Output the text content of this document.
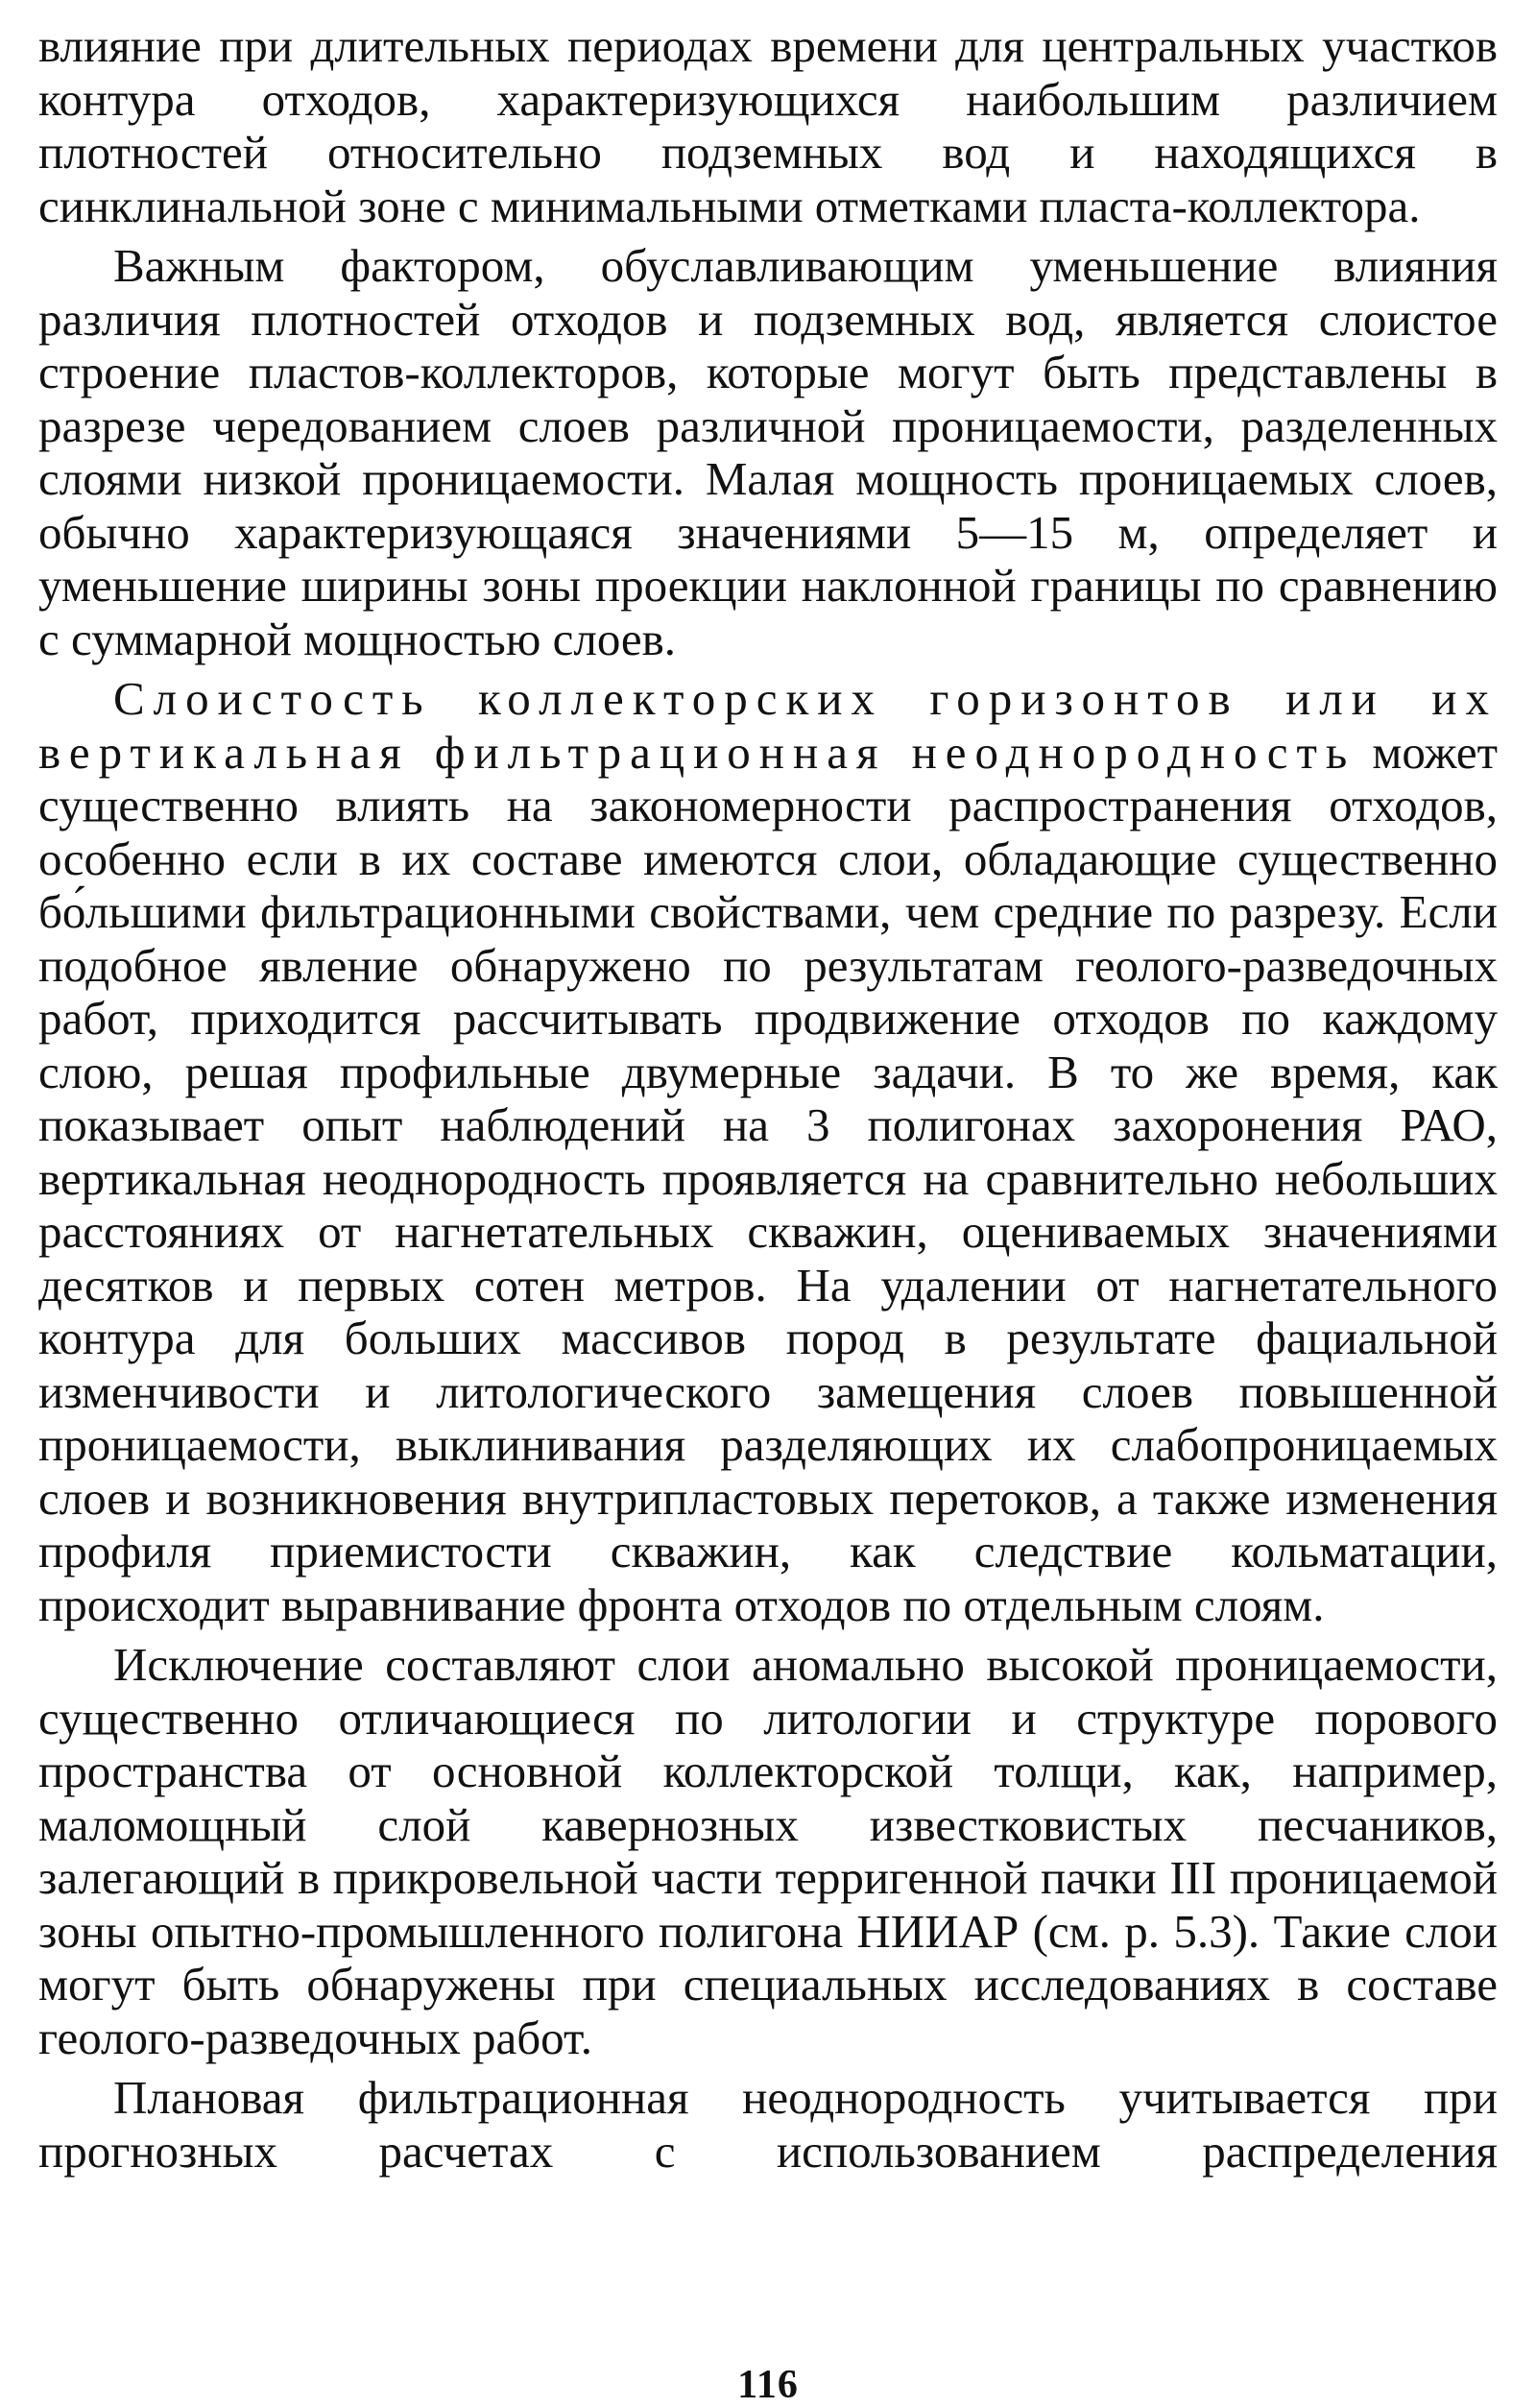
влияние при длительных периодах времени для центральных участков контура отходов, характеризующихся наибольшим различием плотностей относительно подземных вод и находящихся в синклинальной зоне с минимальными отметками пласта-коллектора.

Важным фактором, обуславливающим уменьшение влияния различия плотностей отходов и подземных вод, является слоистое строение пластов-коллекторов, которые могут быть представлены в разрезе чередованием слоев различной проницаемости, разделенных слоями низкой проницаемости. Малая мощность проницаемых слоев, обычно характеризующаяся значениями 5—15 м, определяет и уменьшение ширины зоны проекции наклонной границы по сравнению с суммарной мощностью слоев.

Слоистость коллекторских горизонтов или их вертикальная фильтрационная неоднородность может существенно влиять на закономерности распространения отходов, особенно если в их составе имеются слои, обладающие существенно бо́льшими фильтрационными свойствами, чем средние по разрезу. Если подобное явление обнаружено по результатам геолого-разведочных работ, приходится рассчитывать продвижение отходов по каждому слою, решая профильные двумерные задачи. В то же время, как показывает опыт наблюдений на 3 полигонах захоронения РАО, вертикальная неоднородность проявляется на сравнительно небольших расстояниях от нагнетательных скважин, оцениваемых значениями десятков и первых сотен метров. На удалении от нагнетательного контура для больших массивов пород в результате фациальной изменчивости и литологического замещения слоев повышенной проницаемости, выклинивания разделяющих их слабопроницаемых слоев и возникновения внутрипластовых перетоков, а также изменения профиля приемистости скважин, как следствие кольматации, происходит выравнивание фронта отходов по отдельным слоям.

Исключение составляют слои аномально высокой проницаемости, существенно отличающиеся по литологии и структуре порового пространства от основной коллекторской толщи, как, например, маломощный слой кавернозных известковистых песчаников, залегающий в прикровельной части терригенной пачки III проницаемой зоны опытно-промышленного полигона НИИАР (см. р. 5.3). Такие слои могут быть обнаружены при специальных исследованиях в составе геолого-разведочных работ.

Плановая фильтрационная неоднородность учитывается при прогнозных расчетах с использованием распределения

116
